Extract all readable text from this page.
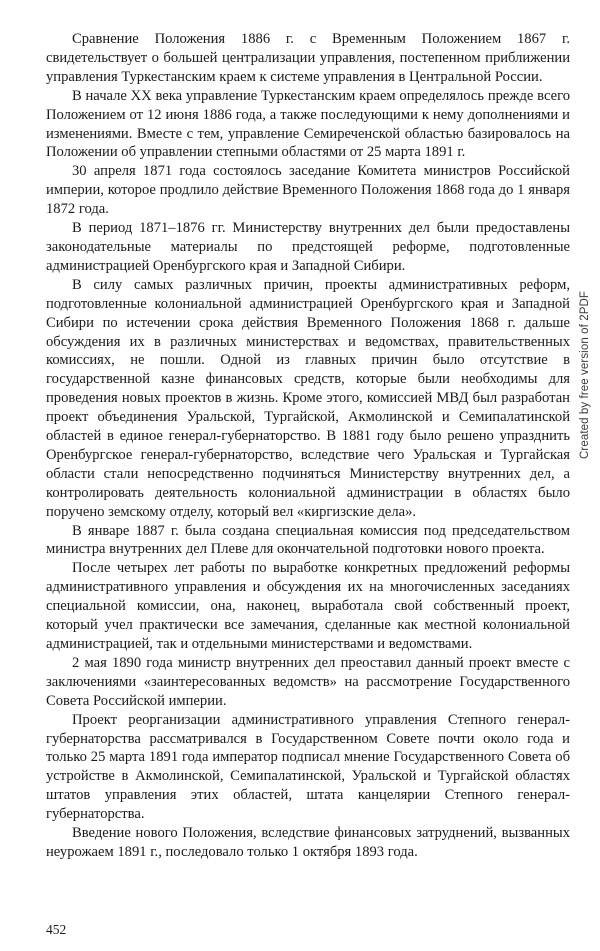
Сравнение Положения 1886 г. с Временным Положением 1867 г. свидетельствует о большей централизации управления, постепенном приближении управления Туркестанским краем к системе управления в Центральной России.

В начале XX века управление Туркестанским краем определялось прежде всего Положением от 12 июня 1886 года, а также последующими к нему дополнениями и изменениями. Вместе с тем, управление Семиреченской областью базировалось на Положении об управлении степными областями от 25 марта 1891 г.

30 апреля 1871 года состоялось заседание Комитета министров Российской империи, которое продлило действие Временного Положения 1868 года до 1 января 1872 года.

В период 1871–1876 гг. Министерству внутренних дел были предоставлены законодательные материалы по предстоящей реформе, подготовленные администрацией Оренбургского края и Западной Сибири.

В силу самых различных причин, проекты административных реформ, подготовленные колониальной администрацией Оренбургского края и Западной Сибири по истечении срока действия Временного Положения 1868 г. дальше обсуждения их в различных министерствах и ведомствах, правительственных комиссиях, не пошли. Одной из главных причин было отсутствие в государственной казне финансовых средств, которые были необходимы для проведения новых проектов в жизнь. Кроме этого, комиссией МВД был разработан проект объединения Уральской, Тургайской, Акмолинской и Семипалатинской областей в единое генерал-губернаторство. В 1881 году было решено упразднить Оренбургское генерал-губернаторство, вследствие чего Уральская и Тургайская области стали непосредственно подчиняться Министерству внутренних дел, а контролировать деятельность колониальной администрации в областях было поручено земскому отделу, который вел «киргизские дела».

В январе 1887 г. была создана специальная комиссия под председательством министра внутренних дел Плеве для окончательной подготовки нового проекта.

После четырех лет работы по выработке конкретных предложений реформы административного управления и обсуждения их на многочисленных заседаниях специальной комиссии, она, наконец, выработала свой собственный проект, который учел практически все замечания, сделанные как местной колониальной администрацией, так и отдельными министерствами и ведомствами.

2 мая 1890 года министр внутренних дел преоставил данный проект вместе с заключениями «заинтересованных ведомств» на рассмотрение Государственного Совета Российской империи.

Проект реорганизации административного управления Степного генерал-губернаторства рассматривался в Государственном Совете почти около года и только 25 марта 1891 года император подписал мнение Государственного Совета об устройстве в Акмолинской, Семипалатинской, Уральской и Тургайской областях штатов управления этих областей, штата канцелярии Степного генерал-губернаторства.

Введение нового Положения, вследствие финансовых затруднений, вызванных неурожаем 1891 г., последовало только 1 октября 1893 года.

Created by free version of 2PDF
452
